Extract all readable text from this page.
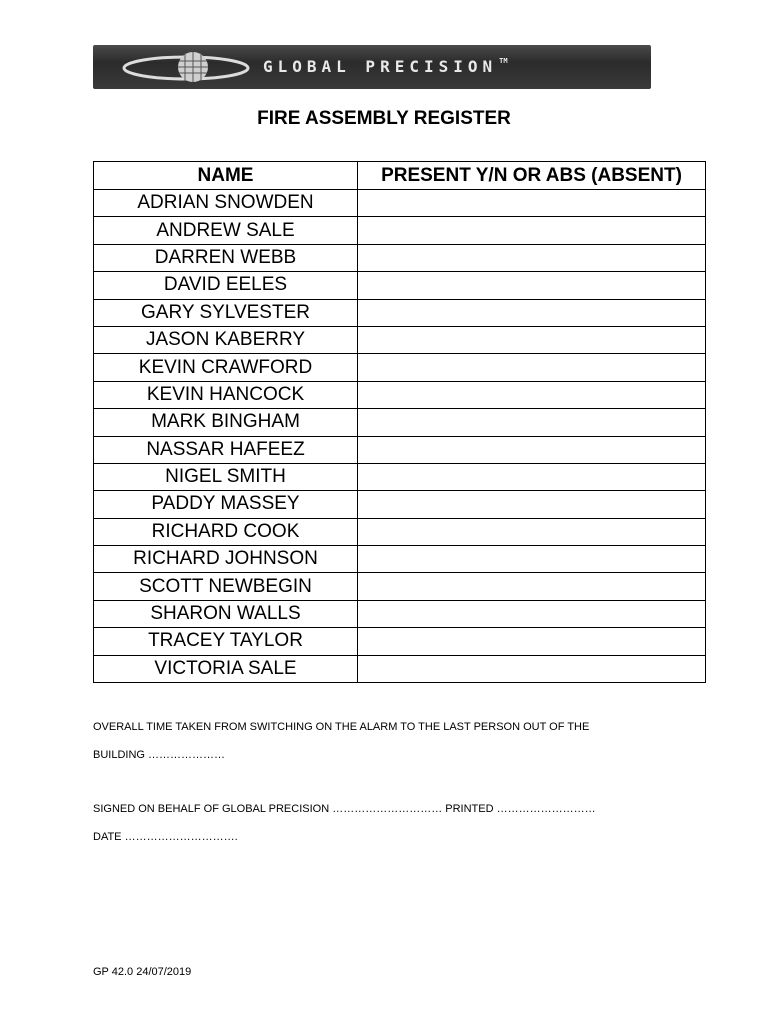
GLOBAL PRECISION ™
FIRE ASSEMBLY REGISTER
NAME	PRESENT Y/N OR ABS (ABSENT)
ADRIAN SNOWDEN	
ANDREW SALE	
DARREN WEBB	
DAVID EELES	
GARY SYLVESTER	
JASON KABERRY	
KEVIN CRAWFORD	
KEVIN HANCOCK	
MARK BINGHAM	
NASSAR HAFEEZ	
NIGEL SMITH	
PADDY MASSEY	
RICHARD COOK	
RICHARD JOHNSON	
SCOTT NEWBEGIN	
SHARON WALLS	
TRACEY TAYLOR	
VICTORIA SALE	
OVERALL TIME TAKEN FROM SWITCHING ON THE ALARM TO THE LAST PERSON OUT OF THE
BUILDING …………………
SIGNED ON BEHALF OF GLOBAL PRECISION ………………………… PRINTED ………………………
DATE ………………………….
GP 42.0 24/07/2019
